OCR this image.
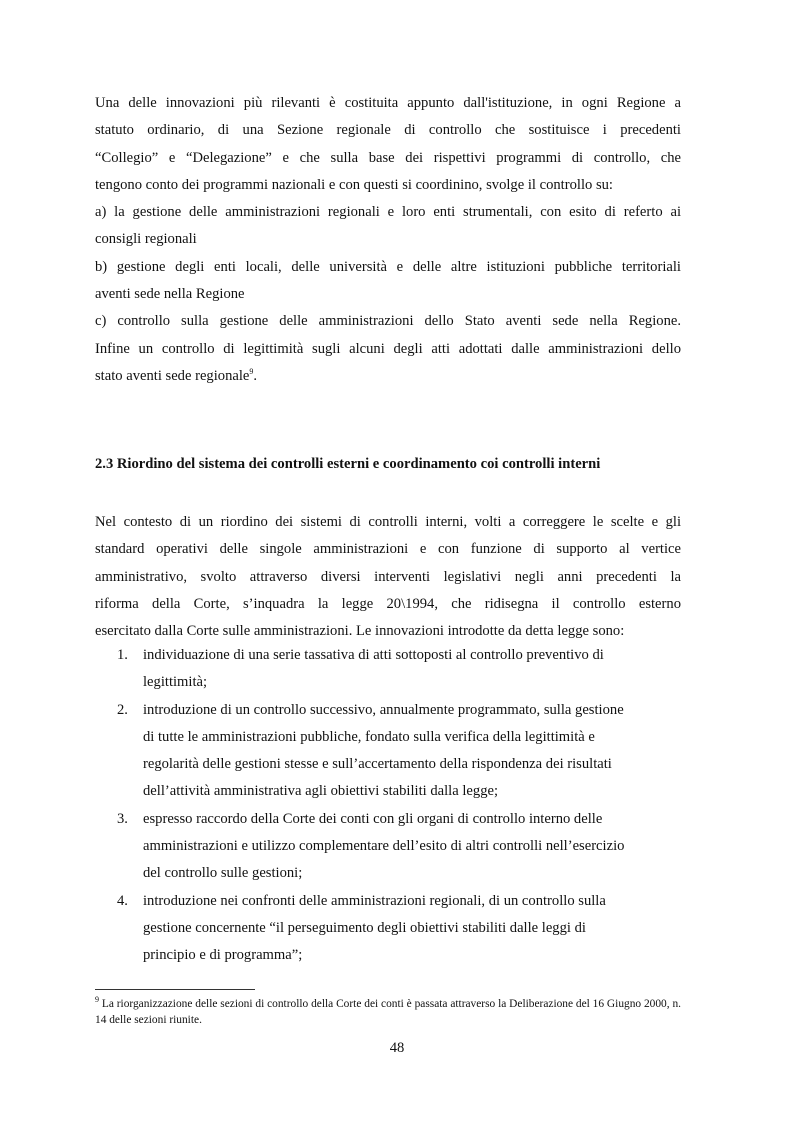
Una delle innovazioni più rilevanti è costituita appunto dall'istituzione, in ogni Regione a
statuto ordinario, di una Sezione regionale di controllo che sostituisce i precedenti
“Collegio” e “Delegazione” e che sulla base dei rispettivi programmi di controllo, che
tengono conto dei programmi nazionali e con questi si coordinino, svolge il controllo su:
a) la gestione delle amministrazioni regionali e loro enti strumentali, con esito di referto ai
consigli regionali
b) gestione degli enti locali, delle università e delle altre istituzioni pubbliche territoriali
aventi sede nella Regione
c) controllo sulla gestione delle amministrazioni dello Stato aventi sede nella Regione.
Infine un controllo di legittimità sugli alcuni degli atti adottati dalle amministrazioni dello
stato aventi sede regionale$^9$.
2.3 Riordino del sistema dei controlli esterni e coordinamento coi controlli interni
Nel contesto di un riordino dei sistemi di controlli interni, volti a correggere le scelte e gli
standard operativi delle singole amministrazioni e con funzione di supporto al vertice
amministrativo, svolto attraverso diversi interventi legislativi negli anni precedenti la
riforma della Corte, s’inquadra la legge 20\1994, che ridisegna il controllo esterno
esercitato dalla Corte sulle amministrazioni. Le innovazioni introdotte da detta legge sono:
1. individuazione di una serie tassativa di atti sottoposti al controllo preventivo di
legittimità;
2. introduzione di un controllo successivo, annualmente programmato, sulla gestione
di tutte le amministrazioni pubbliche, fondato sulla verifica della legittimità e
regolarità delle gestioni stesse e sull’accertamento della rispondenza dei risultati
dell’attività amministrativa agli obiettivi stabiliti dalla legge;
3. espresso raccordo della Corte dei conti con gli organi di controllo interno delle
amministrazioni e utilizzo complementare dell’esito di altri controlli nell’esercizio
del controllo sulle gestioni;
4. introduzione nei confronti delle amministrazioni regionali, di un controllo sulla
gestione concernente “il perseguimento degli obiettivi stabiliti dalle leggi di
principio e di programma”;
$^9$ La riorganizzazione delle sezioni di controllo della Corte dei conti è passata attraverso la Deliberazione del 16 Giugno 2000, n. 14 delle sezioni riunite.
48
